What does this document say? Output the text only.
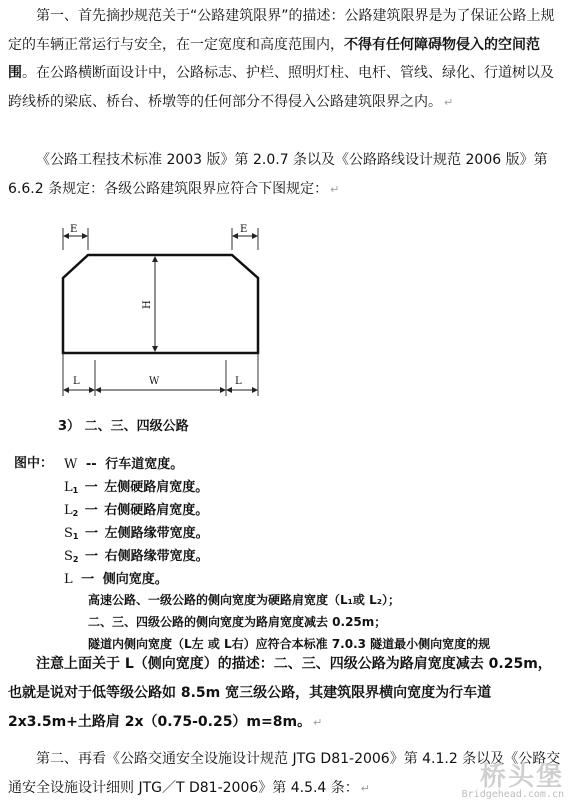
第一、首先摘抄规范关于“公路建筑限界”的描述：公路建筑限界是为了保证公路上规定的车辆正常运行与安全，在一定宽度和高度范围内，不得有任何障碍物侵入的空间范围。在公路横断面设计中，公路标志、护栏、照明灯柱、电杆、管线、绿化、行道树以及跨线桥的梁底、桥台、桥墩等的任何部分不得侵入公路建筑限界之内。 ↵

《公路工程技术标准 2003 版》第 2.0.7 条以及《公路路线设计规范 2006 版》第 6.6.2 条规定：各级公路建筑限界应符合下图规定： ↵

E	E
H
L	W	L
3） 二、三、四级公路
图中： W -- 行车道宽度。
$L_1$ 一 左侧硬路肩宽度。
$L_2$ 一 右侧硬路肩宽度。
$S_1$ 一 左侧路缘带宽度。
$S_2$ 一 右侧路缘带宽度。
L 一 侧向宽度。
高速公路、一级公路的侧向宽度为硬路肩宽度（L₁或 L₂）；
二、三、四级公路的侧向宽度为路肩宽度减去 0.25m；
隧道内侧向宽度（L左 或 L右）应符合本标准 7.0.3 隧道最小侧向宽度的规

注意上面关于 L（侧向宽度）的描述：二、三、四级公路为路肩宽度减去 0.25m，也就是说对于低等级公路如 8.5m 宽三级公路，其建筑限界横向宽度为行车道 2x3.5m+土路肩 2x（0.75-0.25）m=8m。 ↵

第二、再看《公路交通安全设施设计规范 JTG D81-2006》第 4.1.2 条以及《公路交通安全设施设计细则 JTG／T D81-2006》第 4.5.4 条： ↵	桥头堡
Bridgehead.com.cn
